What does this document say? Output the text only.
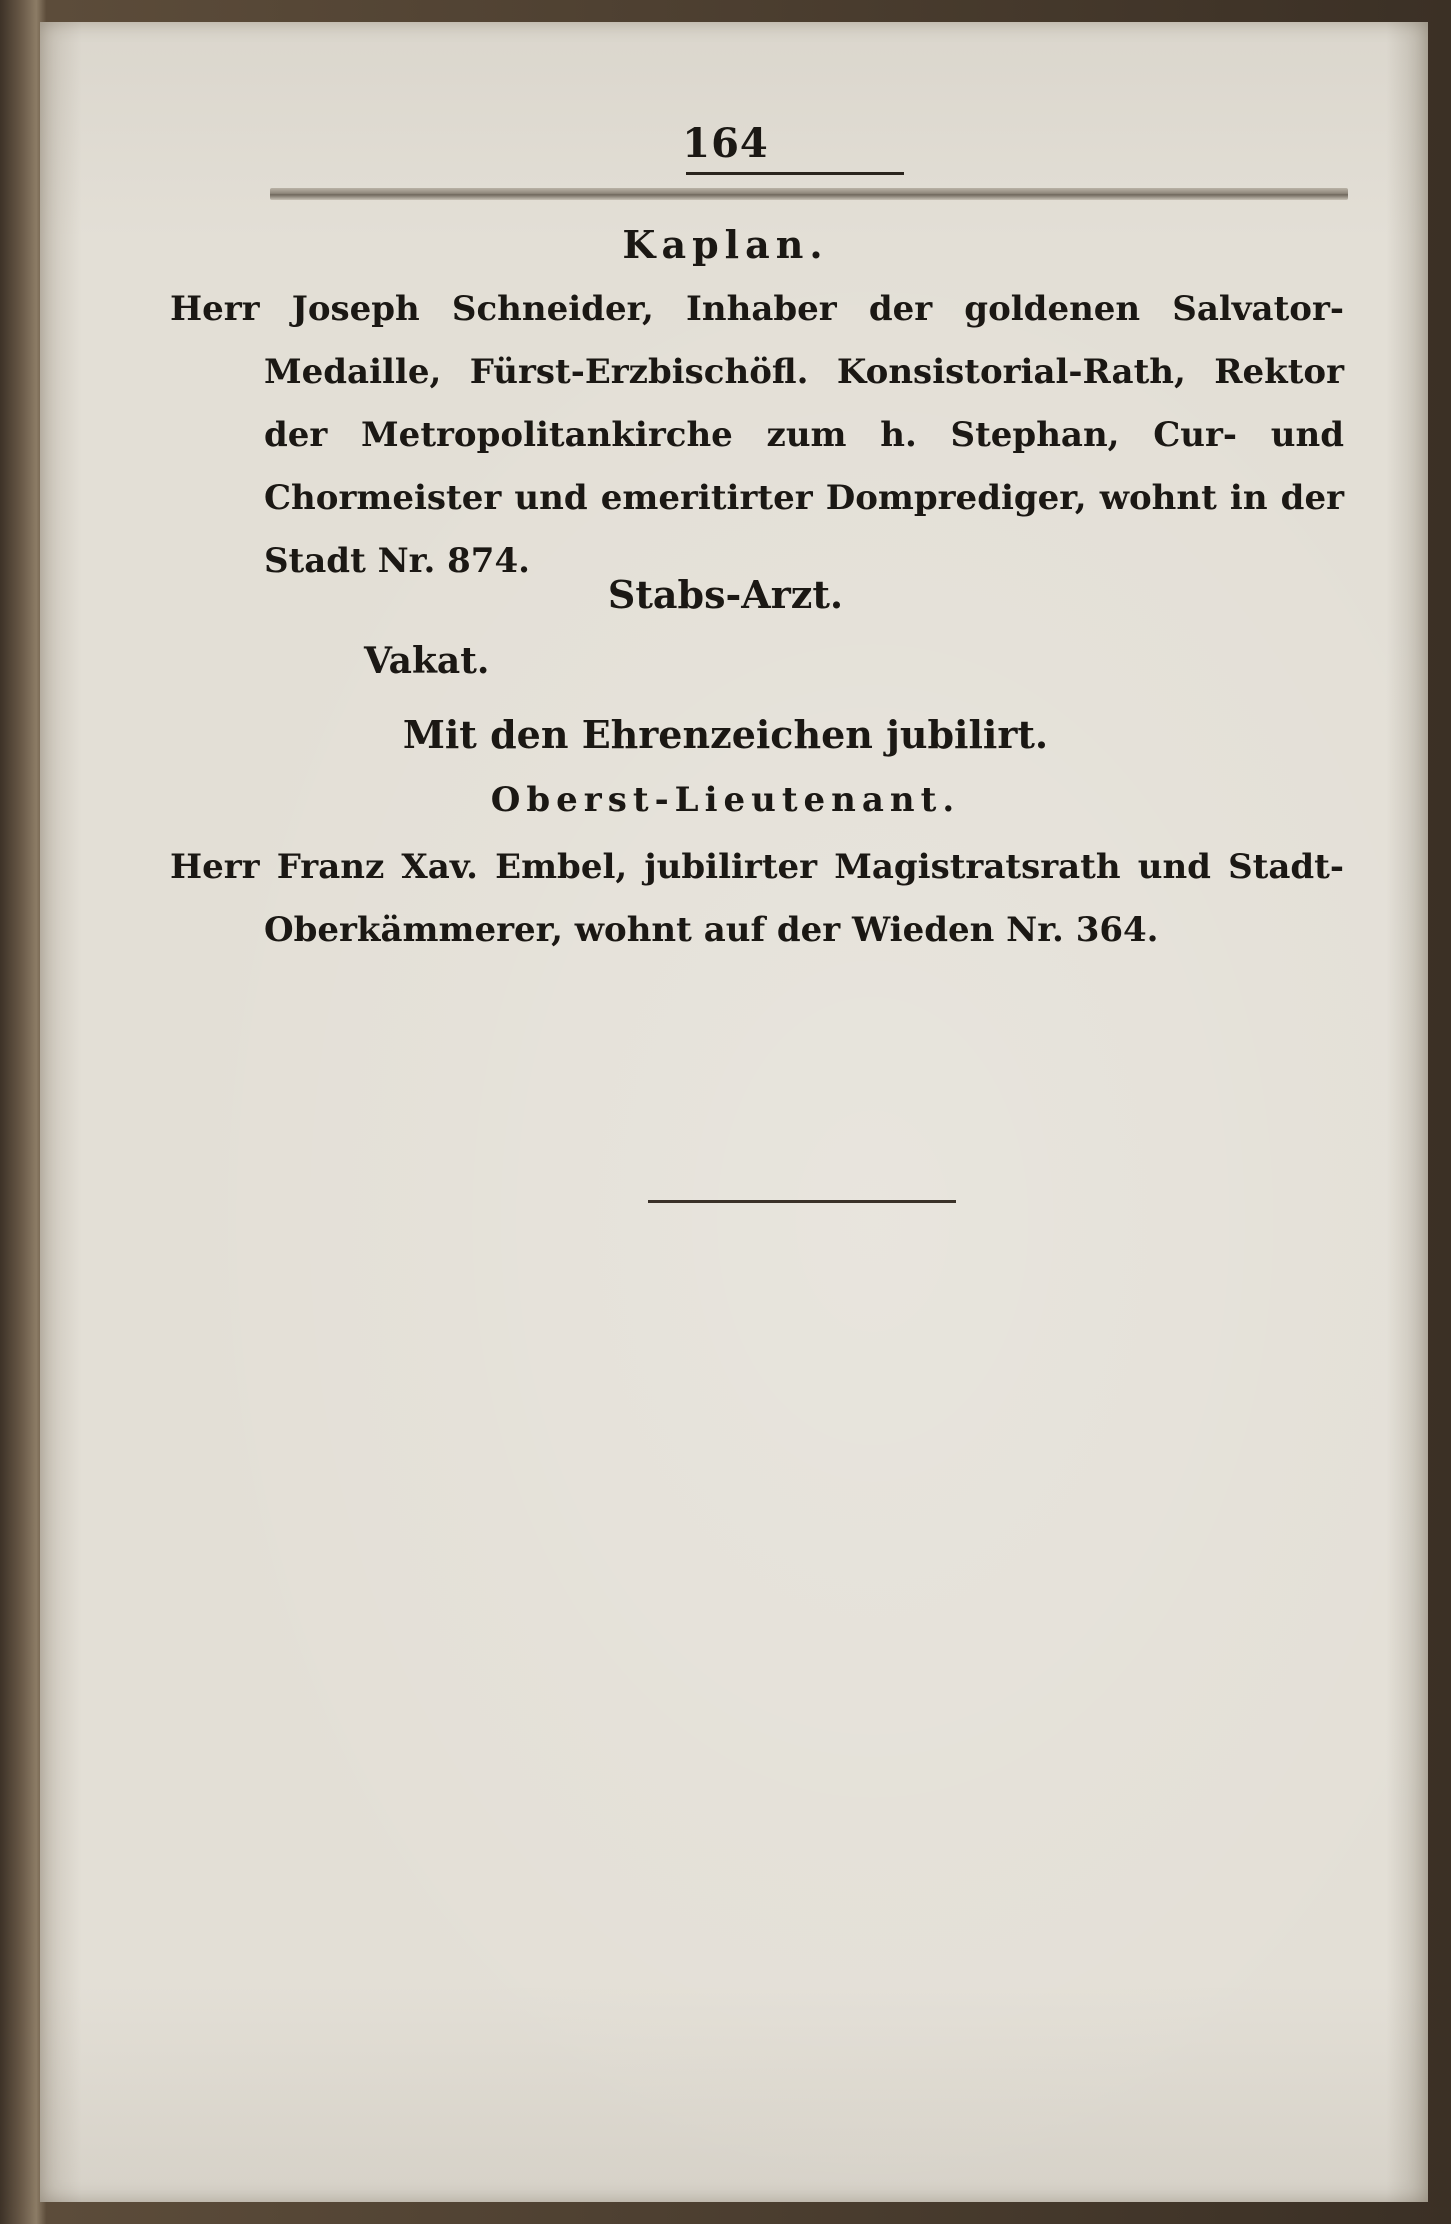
164
Kaplan.
Herr Joseph Schneider, Inhaber der goldenen Salvator-Medaille, Fürst-Erzbischöfl. Konsistorial-Rath, Rektor der Metropolitankirche zum h. Stephan, Cur- und Chormeister und emeritirter Domprediger, wohnt in der Stadt Nr. 874.
Stabs-Arzt.
Vakat.
Mit den Ehrenzeichen jubilirt.
Oberst-Lieutenant.
Herr Franz Xav. Embel, jubilirter Magistratsrath und Stadt-Oberkämmerer, wohnt auf der Wieden Nr. 364.
